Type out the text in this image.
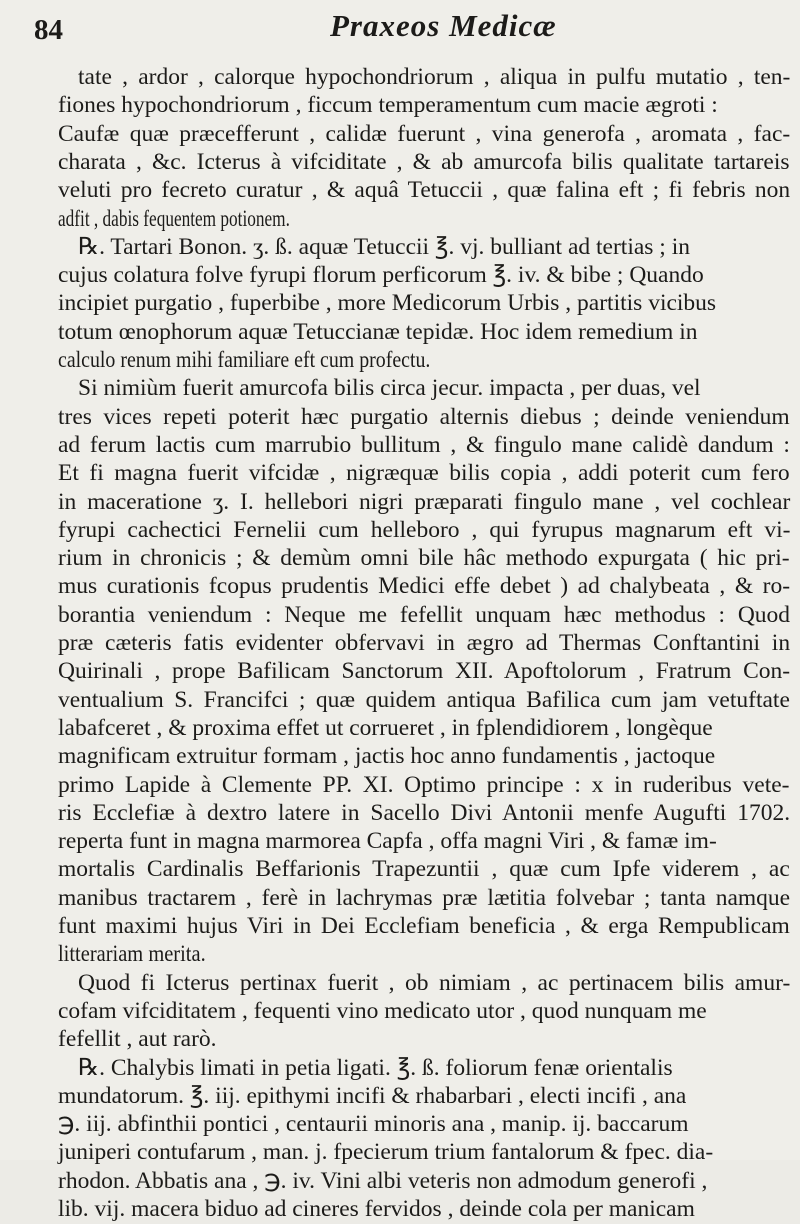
84	Praxeos Medicæ
tate , ardor , calorque hypochondriorum , aliqua in pulfu mutatio , ten-
fiones hypochondriorum , ficcum temperamentum cum macie ægroti :
Caufæ quæ præcefferunt , calidæ fuerunt , vina generofa , aromata , fac-
charata , &c. Icterus à vifciditate , & ab amurcofa bilis qualitate tartareis
veluti pro fecreto curatur , & aquâ Tetuccii , quæ falina eft ; fi febris non
adfit , dabis fequentem potionem.
℞. Tartari Bonon. ʒ. ß. aquæ Tetuccii ℥. vj. bulliant ad tertias ; in
cujus colatura folve fyrupi florum perficorum ℥. iv. & bibe ; Quando
incipiet purgatio , fuperbibe , more Medicorum Urbis , partitis vicibus
totum œnophorum aquæ Tetuccianæ tepidæ. Hoc idem remedium in
calculo renum mihi familiare eft cum profectu.
Si nimiùm fuerit amurcofa bilis circa jecur. impacta , per duas, vel
tres vices repeti poterit hæc purgatio alternis diebus ; deinde veniendum
ad ferum lactis cum marrubio bullitum , & fingulo mane calidè dandum :
Et fi magna fuerit vifcidæ , nigræquæ bilis copia , addi poterit cum fero
in maceratione ʒ. I. hellebori nigri præparati fingulo mane , vel cochlear
fyrupi cachectici Fernelii cum helleboro , qui fyrupus magnarum eft vi-
rium in chronicis ; & demùm omni bile hâc methodo expurgata ( hic pri-
mus curationis fcopus prudentis Medici effe debet ) ad chalybeata , & ro-
borantia veniendum : Neque me fefellit unquam hæc methodus : Quod
præ cæteris fatis evidenter obfervavi in ægro ad Thermas Conftantini in
Quirinali , prope Bafilicam Sanctorum XII. Apoftolorum , Fratrum Con-
ventualium S. Francifci ; quæ quidem antiqua Bafilica cum jam vetuftate
labafceret , & proxima effet ut corrueret , in fplendidiorem , longèque
magnificam extruitur formam , jactis hoc anno fundamentis , jactoque
primo Lapide à Clemente PP. XI. Optimo principe : x in ruderibus vete-
ris Ecclefiæ à dextro latere in Sacello Divi Antonii menfe Augufti 1702.
reperta funt in magna marmorea Capfa , offa magni Viri , & famæ im-
mortalis Cardinalis Beffarionis Trapezuntii , quæ cum Ipfe viderem , ac
manibus tractarem , ferè in lachrymas præ lætitia folvebar ; tanta namque
funt maximi hujus Viri in Dei Ecclefiam beneficia , & erga Rempublicam
litterariam merita.
Quod fi Icterus pertinax fuerit , ob nimiam , ac pertinacem bilis amur-
cofam vifciditatem , fequenti vino medicato utor , quod nunquam me
fefellit , aut rarò.
℞. Chalybis limati in petia ligati. ℥. ß. foliorum fenæ orientalis
mundatorum. ℥. iij. epithymi incifi & rhabarbari , electi incifi , ana
℈. iij. abfinthii pontici , centaurii minoris ana , manip. ij. baccarum
juniperi contufarum , man. j. fpecierum trium fantalorum & fpec. dia-
rhodon. Abbatis ana , ℈. iv. Vini albi veteris non admodum generofi ,
lib. vij. macera biduo ad cineres fervidos , deinde cola per manicam
